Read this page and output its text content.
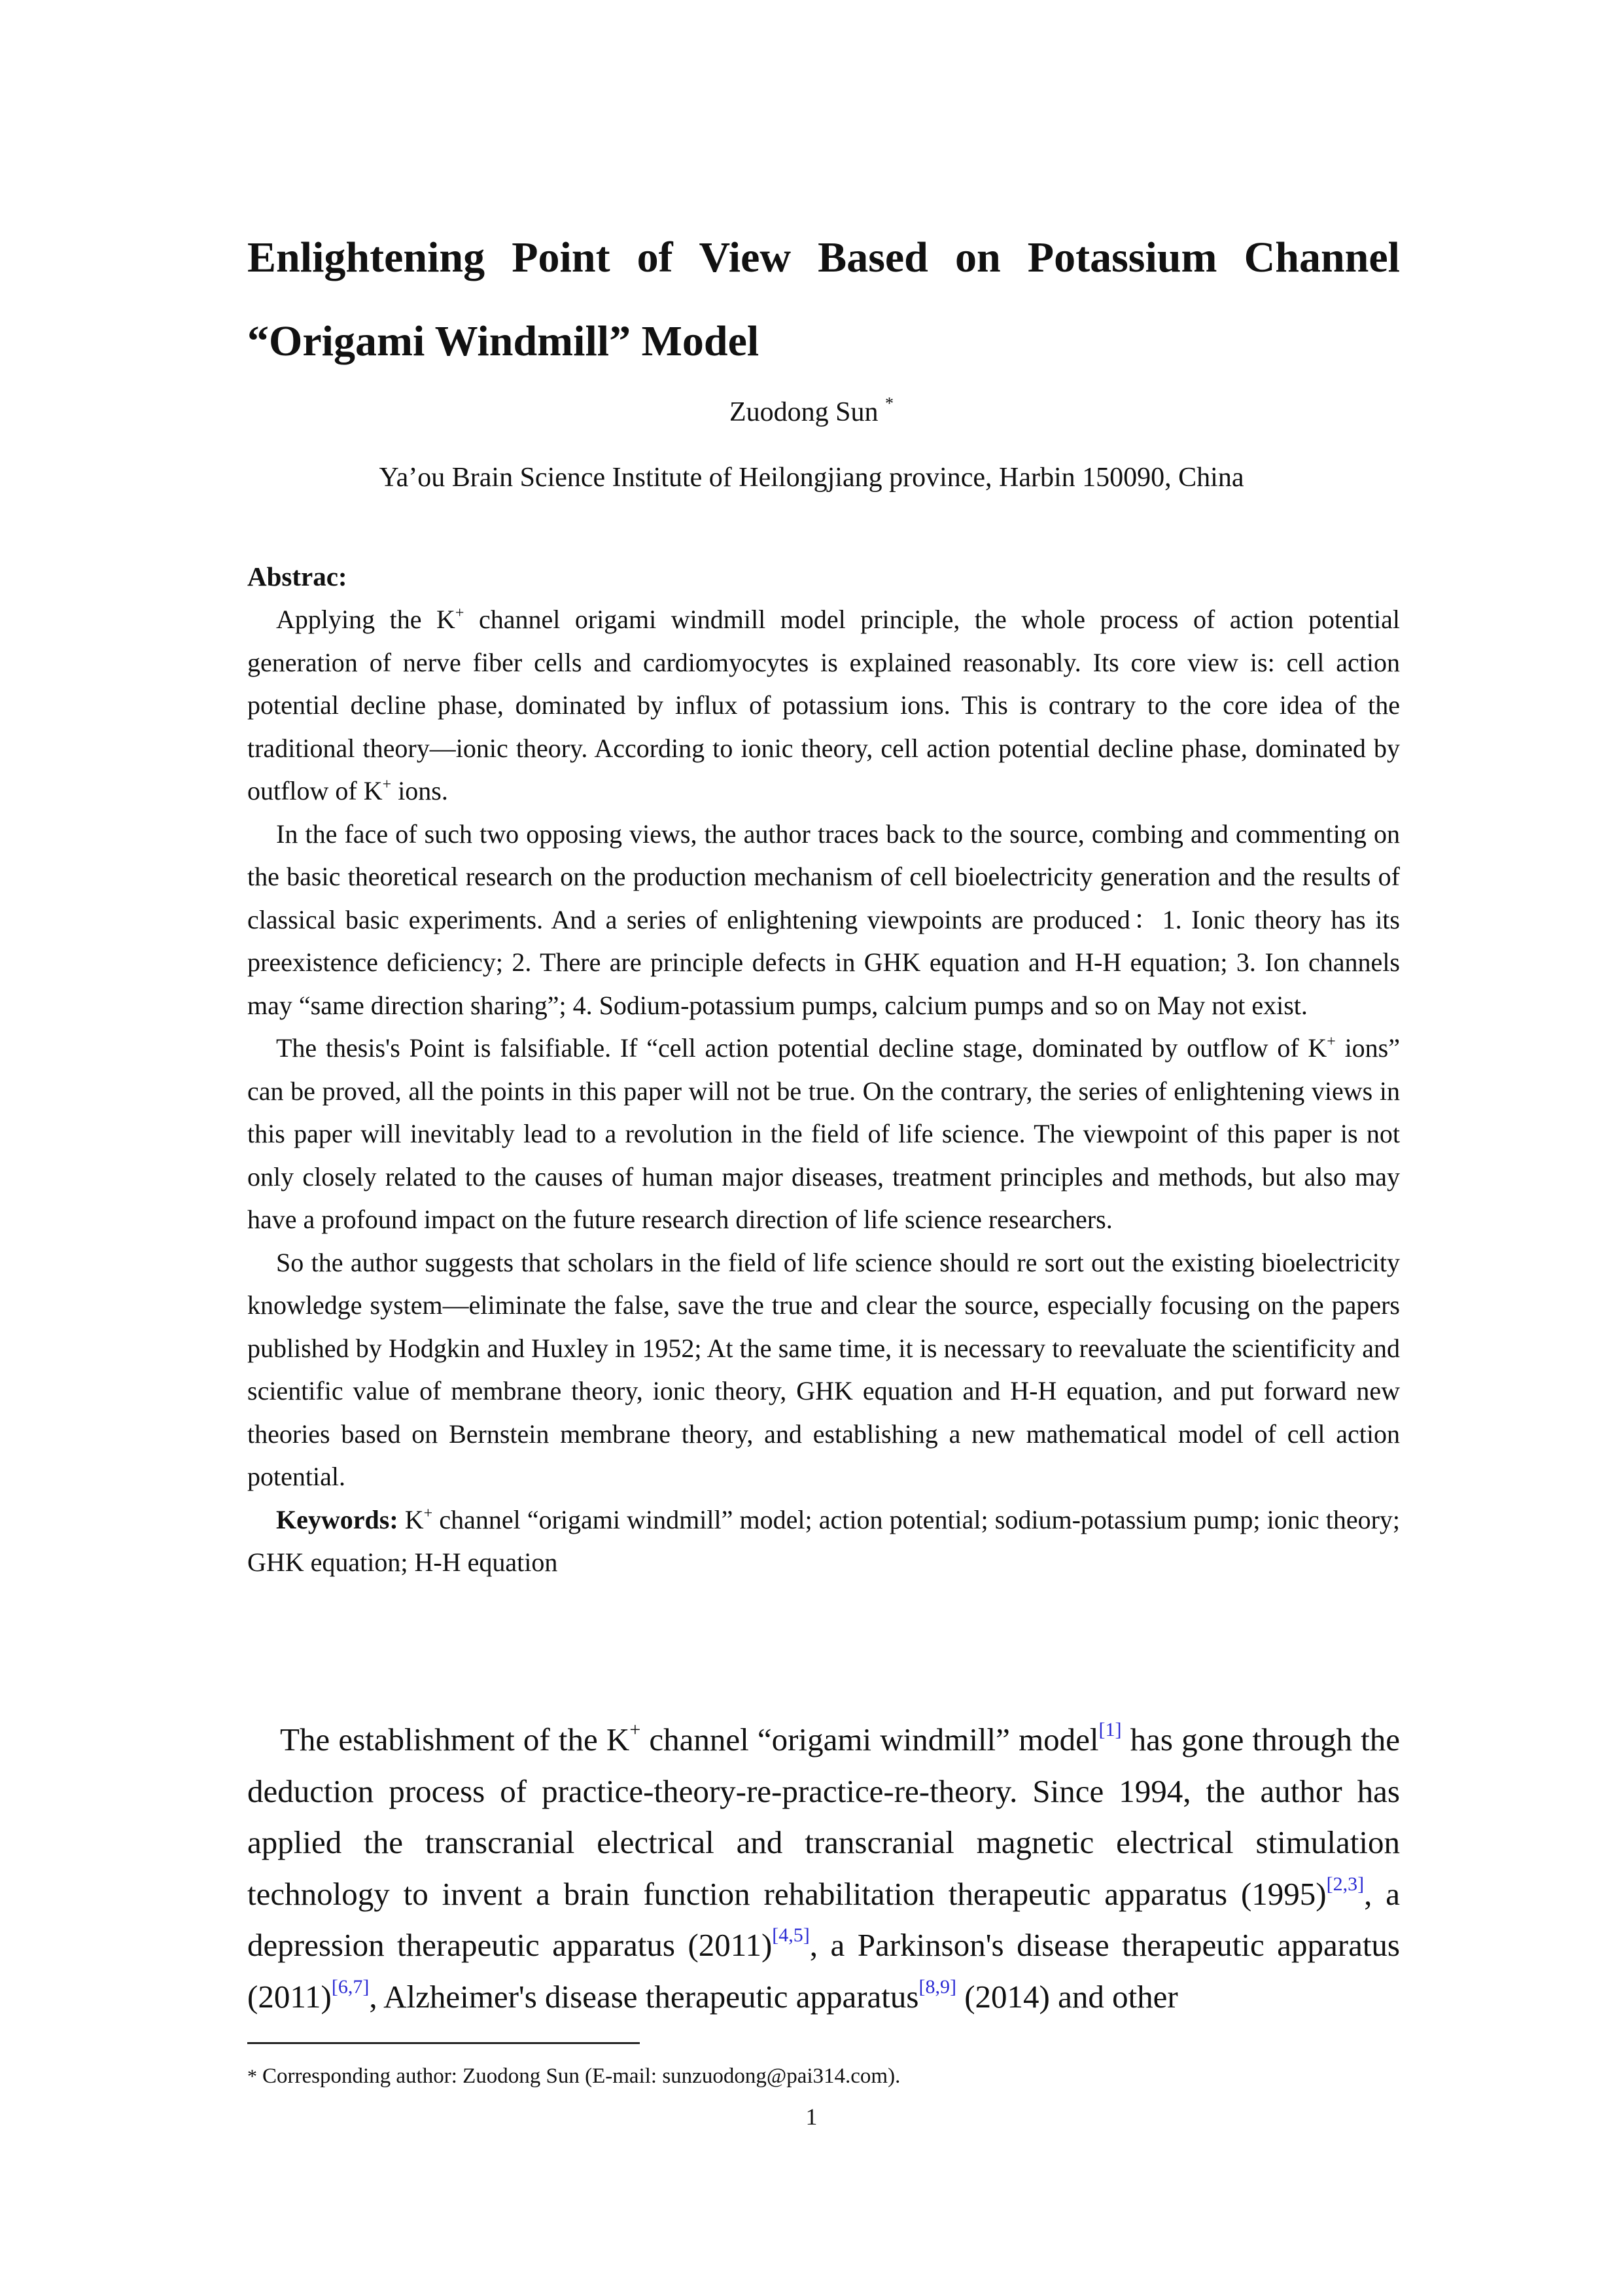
Enlightening Point of View Based on Potassium Channel
“Origami Windmill” Model
Zuodong Sun *
Ya’ou Brain Science Institute of Heilongjiang province, Harbin 150090, China
Abstrac:

Applying the K+ channel origami windmill model principle, the whole process of action potential generation of nerve fiber cells and cardiomyocytes is explained reasonably. Its core view is: cell action potential decline phase, dominated by influx of potassium ions. This is contrary to the core idea of the traditional theory—ionic theory. According to ionic theory, cell action potential decline phase, dominated by outflow of K+ ions.

In the face of such two opposing views, the author traces back to the source, combing and commenting on the basic theoretical research on the production mechanism of cell bioelectricity generation and the results of classical basic experiments. And a series of enlightening viewpoints are produced：1. Ionic theory has its preexistence deficiency; 2. There are principle defects in GHK equation and H-H equation; 3. Ion channels may “same direction sharing”; 4. Sodium-potassium pumps, calcium pumps and so on May not exist.

The thesis's Point is falsifiable. If “cell action potential decline stage, dominated by outflow of K+ ions” can be proved, all the points in this paper will not be true. On the contrary, the series of enlightening views in this paper will inevitably lead to a revolution in the field of life science. The viewpoint of this paper is not only closely related to the causes of human major diseases, treatment principles and methods, but also may have a profound impact on the future research direction of life science researchers.

So the author suggests that scholars in the field of life science should re sort out the existing bioelectricity knowledge system—eliminate the false, save the true and clear the source, especially focusing on the papers published by Hodgkin and Huxley in 1952; At the same time, it is necessary to reevaluate the scientificity and scientific value of membrane theory, ionic theory, GHK equation and H-H equation, and put forward new theories based on Bernstein membrane theory, and establishing a new mathematical model of cell action potential.

Keywords: K+ channel “origami windmill” model; action potential; sodium-potassium pump; ionic theory; GHK equation; H-H equation

The establishment of the K+ channel “origami windmill” model[1] has gone through the deduction process of practice-theory-re-practice-re-theory. Since 1994, the author has applied the transcranial electrical and transcranial magnetic electrical stimulation technology to invent a brain function rehabilitation therapeutic apparatus (1995)[2,3], a depression therapeutic apparatus (2011)[4,5], a Parkinson's disease therapeutic apparatus (2011)[6,7], Alzheimer's disease therapeutic apparatus[8,9] (2014) and other

* Corresponding author: Zuodong Sun (E-mail: sunzuodong@pai314.com).
1
